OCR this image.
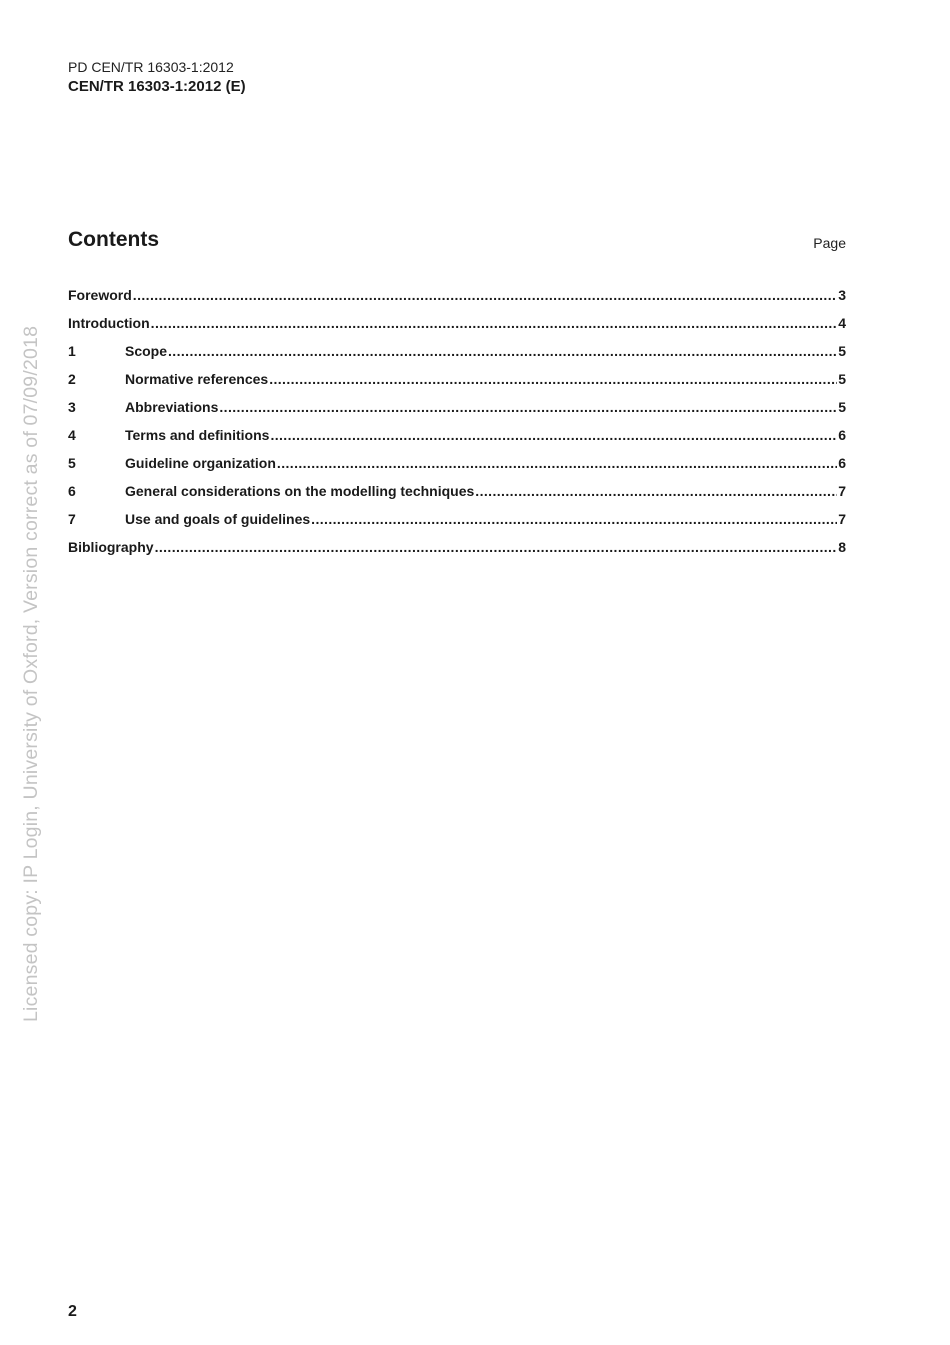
PD CEN/TR 16303-1:2012
CEN/TR 16303-1:2012 (E)
Licensed copy: IP Login, University of Oxford, Version correct as of 07/09/2018
Contents	Page
Foreword .....	3
Introduction .....	4
1	Scope .....	5
2	Normative references .....	5
3	Abbreviations .....	5
4	Terms and definitions .....	6
5	Guideline organization .....	6
6	General considerations on the modelling techniques .....	7
7	Use and goals of guidelines .....	7
Bibliography .....	8
2
